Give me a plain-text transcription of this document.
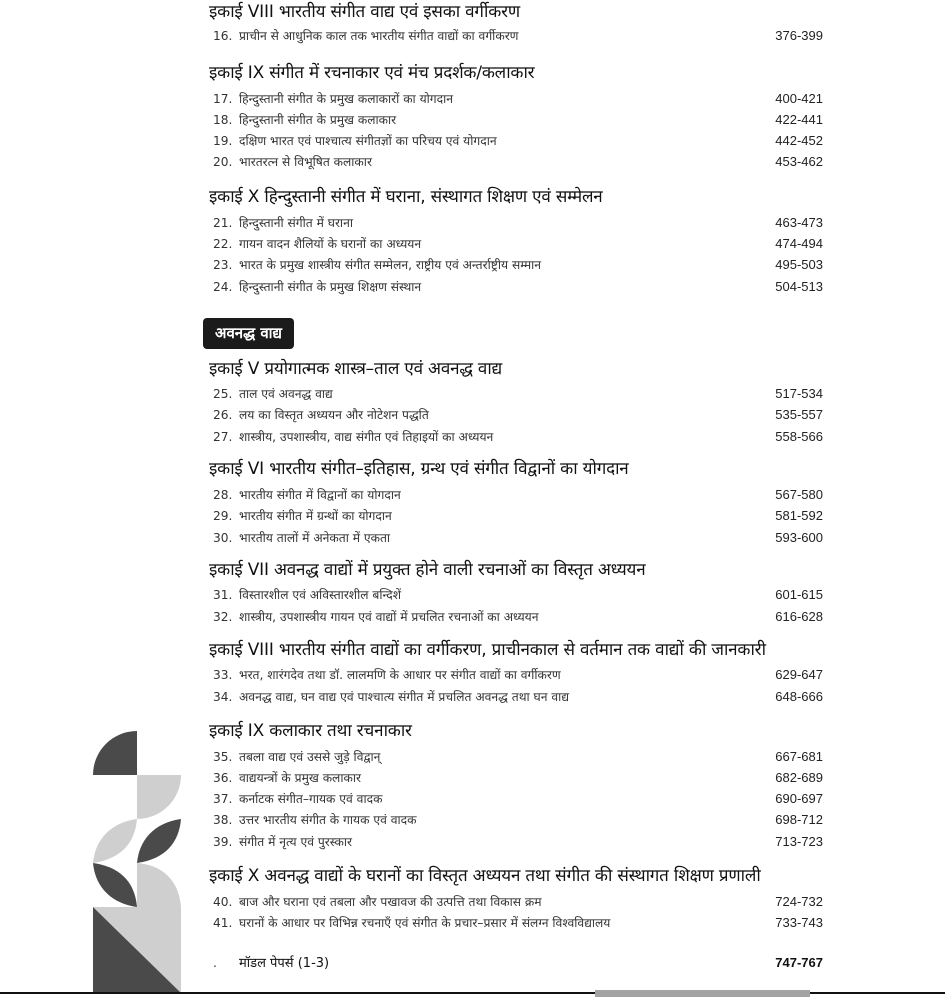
इकाई VIII भारतीय संगीत वाद्य एवं इसका वर्गीकरण
16. प्राचीन से आधुनिक काल तक भारतीय संगीत वाद्यों का वर्गीकरण	376-399
इकाई IX संगीत में रचनाकार एवं मंच प्रदर्शक/कलाकार
17. हिन्दुस्तानी संगीत के प्रमुख कलाकारों का योगदान	400-421
18. हिन्दुस्तानी संगीत के प्रमुख कलाकार	422-441
19. दक्षिण भारत एवं पाश्चात्य संगीतज्ञों का परिचय एवं योगदान	442-452
20. भारतरत्न से विभूषित कलाकार	453-462
इकाई X हिन्दुस्तानी संगीत में घराना, संस्थागत शिक्षण एवं सम्मेलन
21. हिन्दुस्तानी संगीत में घराना	463-473
22. गायन वादन शैलियों के घरानों का अध्ययन	474-494
23. भारत के प्रमुख शास्त्रीय संगीत सम्मेलन, राष्ट्रीय एवं अन्तर्राष्ट्रीय सम्मान	495-503
24. हिन्दुस्तानी संगीत के प्रमुख शिक्षण संस्थान	504-513
अवनद्ध वाद्य
इकाई V प्रयोगात्मक शास्त्र–ताल एवं अवनद्ध वाद्य
25. ताल एवं अवनद्ध वाद्य	517-534
26. लय का विस्तृत अध्ययन और नोटेशन पद्धति	535-557
27. शास्त्रीय, उपशास्त्रीय, वाद्य संगीत एवं तिहाइयों का अध्ययन	558-566
इकाई VI भारतीय संगीत–इतिहास, ग्रन्थ एवं संगीत विद्वानों का योगदान
28. भारतीय संगीत में विद्वानों का योगदान	567-580
29. भारतीय संगीत में ग्रन्थों का योगदान	581-592
30. भारतीय तालों में अनेकता में एकता	593-600
इकाई VII अवनद्ध वाद्यों में प्रयुक्त होने वाली रचनाओं का विस्तृत अध्ययन
31. विस्तारशील एवं अविस्तारशील बन्दिशें	601-615
32. शास्त्रीय, उपशास्त्रीय गायन एवं वाद्यों में प्रचलित रचनाओं का अध्ययन	616-628
इकाई VIII भारतीय संगीत वाद्यों का वर्गीकरण, प्राचीनकाल से वर्तमान तक वाद्यों की जानकारी
33. भरत, शारंगदेव तथा डॉ. लालमणि के आधार पर संगीत वाद्यों का वर्गीकरण	629-647
34. अवनद्ध वाद्य, घन वाद्य एवं पाश्चात्य संगीत में प्रचलित अवनद्ध तथा घन वाद्य	648-666
इकाई IX कलाकार तथा रचनाकार
35. तबला वाद्य एवं उससे जुड़े विद्वान्	667-681
36. वाद्ययन्त्रों के प्रमुख कलाकार	682-689
37. कर्नाटक संगीत–गायक एवं वादक	690-697
38. उत्तर भारतीय संगीत के गायक एवं वादक	698-712
39. संगीत में नृत्य एवं पुरस्कार	713-723
इकाई X अवनद्ध वाद्यों के घरानों का विस्तृत अध्ययन तथा संगीत की संस्थागत शिक्षण प्रणाली
40. बाज और घराना एवं तबला और पखावज की उत्पत्ति तथा विकास क्रम	724-732
41. घरानों के आधार पर विभिन्न रचनाएँ एवं संगीत के प्रचार–प्रसार में संलग्न विश्वविद्यालय	733-743
. मॉडल पेपर्स (1-3)	747-767
